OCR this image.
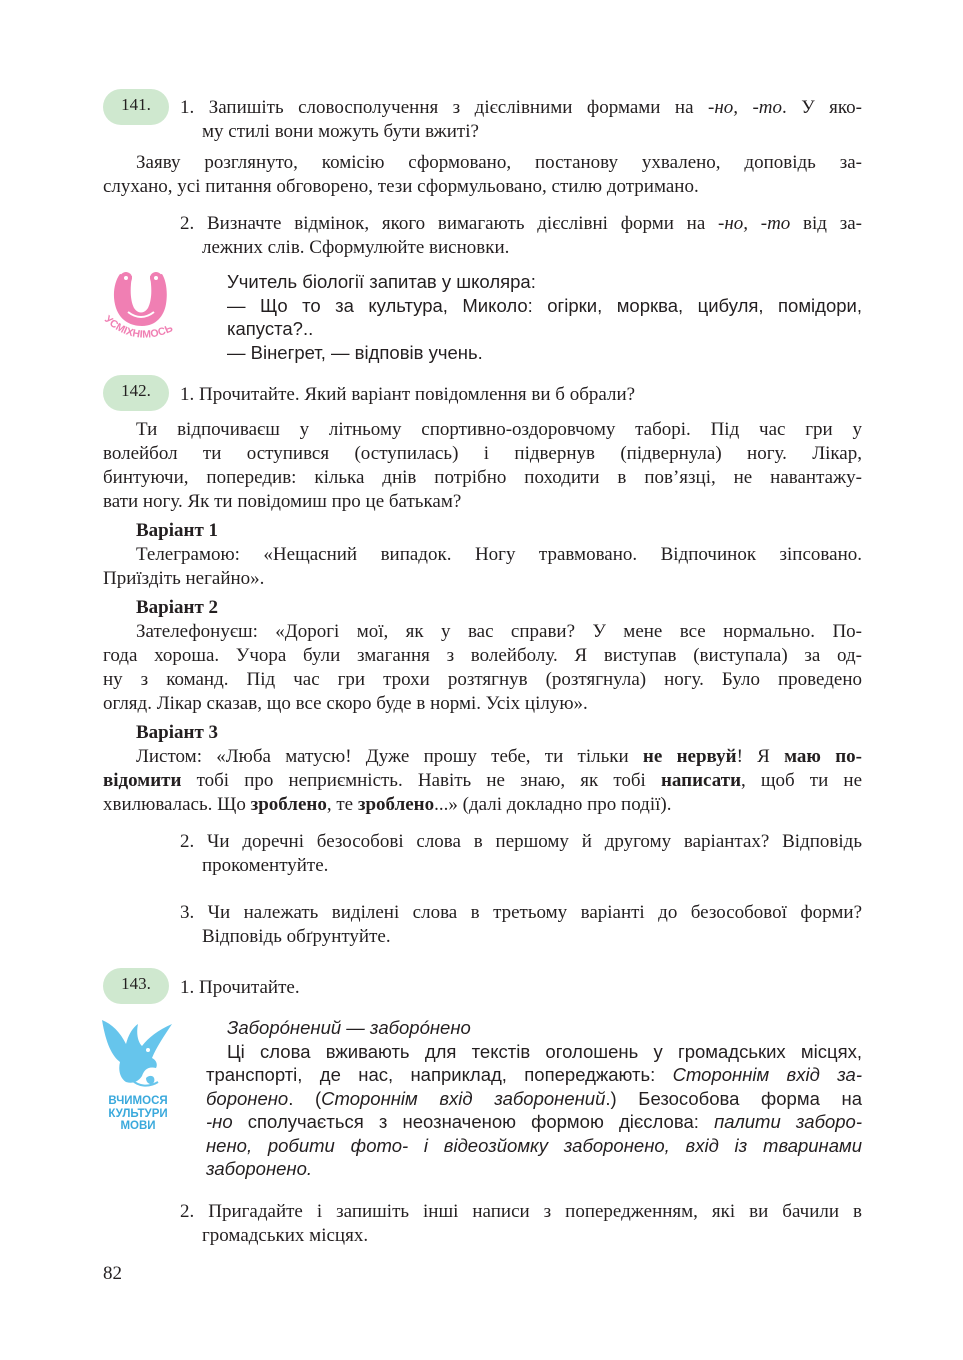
141.	1. Запишіть словосполучення з дієслівними формами на -но, -то. У яко-
му стилі вони можуть бути вжиті?
Заяву розглянуто, комісію сформовано, постанову ухвалено, доповідь за-
слухано, усі питання обговорено, тези сформульовано, стилю дотримано.
2. Визначте відмінок, якого вимагають дієслівні форми на -но, -то від за-
лежних слів. Сформулюйте висновки.
УСМІХНІМОСЬ
Учитель біології запитав у школяра:
— Що то за культура, Миколо: огірки, морква, цибуля, помідори,
капуста?..
— Вінегрет, — відповів учень.
142.	1. Прочитайте. Який варіант повідомлення ви б обрали?
Ти відпочиваєш у літньому спортивно-оздоровчому таборі. Під час гри у
волейбол ти оступився (оступилась) і підвернув (підвернула) ногу. Лікар,
бинтуючи, попередив: кілька днів потрібно походити в пов’язці, не навантажу-
вати ногу. Як ти повідомиш про це батькам?
Варіант 1
Телеграмою: «Нещасний випадок. Ногу травмовано. Відпочинок зіпсовано.
Приїздіть негайно».
Варіант 2
Зателефонуєш: «Дорогі мої, як у вас справи? У мене все нормально. По-
года хороша. Учора були змагання з волейболу. Я виступав (виступала) за од-
ну з команд. Під час гри трохи розтягнув (розтягнула) ногу. Було проведено
огляд. Лікар сказав, що все скоро буде в нормі. Усіх цілую».
Варіант 3
Листом: «Люба матусю! Дуже прошу тебе, ти тільки не нервуй! Я маю по-
відомити тобі про неприємність. Навіть не знаю, як тобі написати, щоб ти не
хвилювалась. Що зроблено, те зроблено...» (далі докладно про події).
2. Чи доречні безособові слова в першому й другому варіантах? Відповідь
прокоментуйте.
3. Чи належать виділені слова в третьому варіанті до безособової форми?
Відповідь обґрунтуйте.
143.	1. Прочитайте.
ВЧИМОСЯ
КУЛЬТУРИ
МОВИ
Заборóнений — заборóнено
Ці слова вживають для текстів оголошень у громадських місцях,
транспорті, де нас, наприклад, попереджають: Стороннім вхід за-
боронено. (Стороннім вхід заборонений.) Безособова форма на
-но сполучається з неозначеною формою дієслова: палити заборо-
нено, робити фото- і відеозйомку заборонено, вхід із тваринами
заборонено.
2. Пригадайте і запишіть інші написи з попередженням, які ви бачили в
громадських місцях.
82
